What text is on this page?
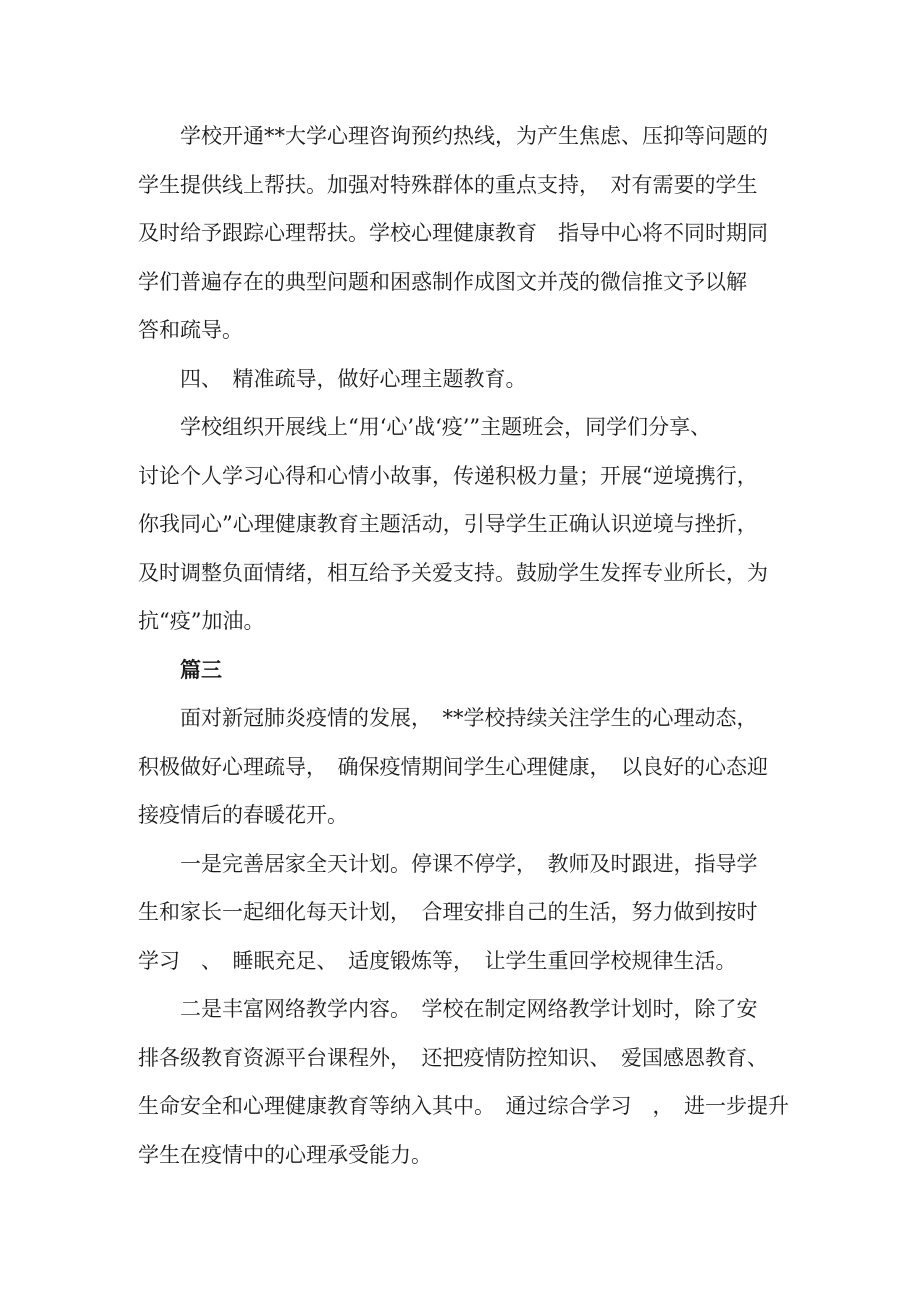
　　学校开通**大学心理咨询预约热线，为产生焦虑、压抑等问题的
学生提供线上帮扶。加强对特殊群体的重点支持，　对有需要的学生
及时给予跟踪心理帮扶。学校心理健康教育　指导中心将不同时期同
学们普遍存在的典型问题和困惑制作成图文并茂的微信推文予以解
答和疏导。
　　四、　精准疏导，做好心理主题教育。
　　学校组织开展线上“用‘心’战‘疫’”主题班会，同学们分享、
讨论个人学习心得和心情小故事，传递积极力量；开展“逆境携行，
你我同心”心理健康教育主题活动，引导学生正确认识逆境与挫折，
及时调整负面情绪，相互给予关爱支持。鼓励学生发挥专业所长，为
抗“疫”加油。
　　篇三
　　面对新冠肺炎疫情的发展，　**学校持续关注学生的心理动态，
积极做好心理疏导，　确保疫情期间学生心理健康，　以良好的心态迎
接疫情后的春暖花开。
　　一是完善居家全天计划。停课不停学，　教师及时跟进，指导学
生和家长一起细化每天计划，　合理安排自己的生活，努力做到按时
学习　、　睡眠充足、　适度锻炼等，　让学生重回学校规律生活。
　　二是丰富网络教学内容。　学校在制定网络教学计划时，除了安
排各级教育资源平台课程外，　还把疫情防控知识、　爱国感恩教育、
生命安全和心理健康教育等纳入其中。　通过综合学习　，　进一步提升
学生在疫情中的心理承受能力。
